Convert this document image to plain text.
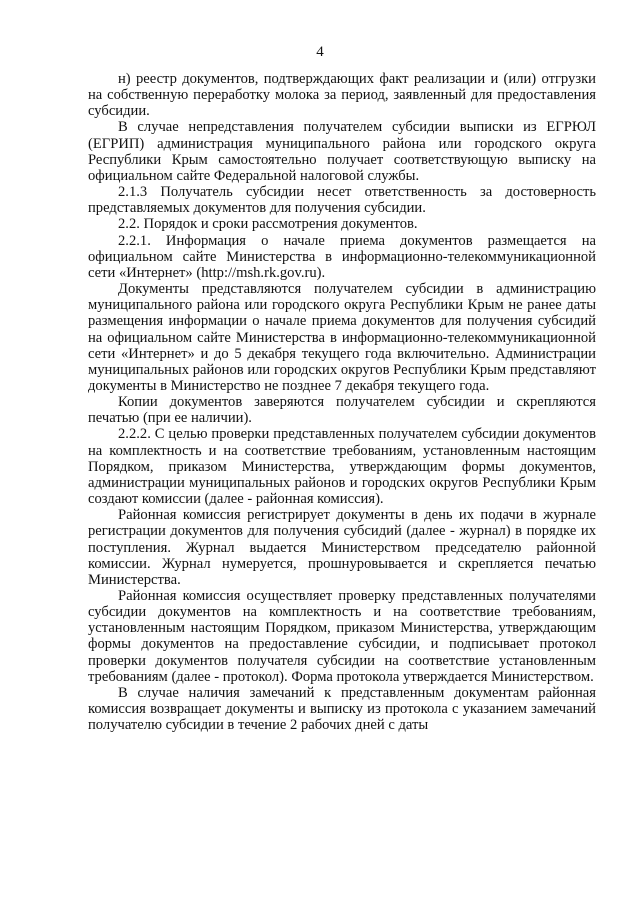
4

н) реестр документов, подтверждающих факт реализации и (или) отгрузки на собственную переработку молока за период, заявленный для предоставления субсидии.

В случае непредставления получателем субсидии выписки из ЕГРЮЛ (ЕГРИП) администрация муниципального района или городского округа Республики Крым самостоятельно получает соответствующую выписку на официальном сайте Федеральной налоговой службы.

2.1.3 Получатель субсидии несет ответственность за достоверность представляемых документов для получения субсидии.

2.2. Порядок и сроки рассмотрения документов.

2.2.1. Информация о начале приема документов размещается на официальном сайте Министерства в информационно-телекоммуникационной сети «Интернет» (http://msh.rk.gov.ru).

Документы представляются получателем субсидии в администрацию муниципального района или городского округа Республики Крым не ранее даты размещения информации о начале приема документов для получения субсидий на официальном сайте Министерства в информационно-телекоммуникационной сети «Интернет» и до 5 декабря текущего года включительно. Администрации муниципальных районов или городских округов Республики Крым представляют документы в Министерство не позднее 7 декабря текущего года.

Копии документов заверяются получателем субсидии и скрепляются печатью (при ее наличии).

2.2.2. С целью проверки представленных получателем субсидии документов на комплектность и на соответствие требованиям, установленным настоящим Порядком, приказом Министерства, утверждающим формы документов, администрации муниципальных районов и городских округов Республики Крым создают комиссии (далее - районная комиссия).

Районная комиссия регистрирует документы в день их подачи в журнале регистрации документов для получения субсидий (далее - журнал) в порядке их поступления. Журнал выдается Министерством председателю районной комиссии. Журнал нумеруется, прошнуровывается и скрепляется печатью Министерства.

Районная комиссия осуществляет проверку представленных получателями субсидии документов на комплектность и на соответствие требованиям, установленным настоящим Порядком, приказом Министерства, утверждающим формы документов на предоставление субсидии, и подписывает протокол проверки документов получателя субсидии на соответствие установленным требованиям (далее - протокол). Форма протокола утверждается Министерством.

В случае наличия замечаний к представленным документам районная комиссия возвращает документы и выписку из протокола с указанием замечаний получателю субсидии в течение 2 рабочих дней с даты
